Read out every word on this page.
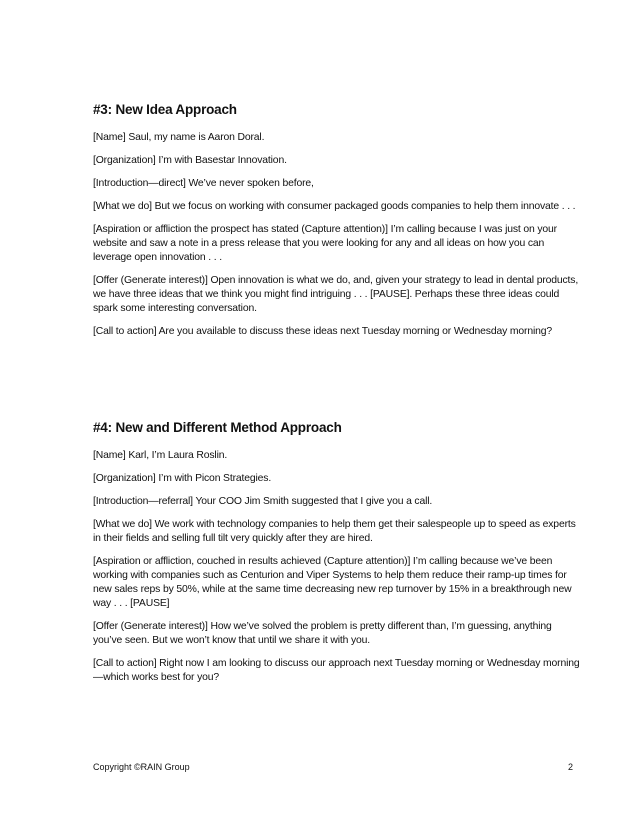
#3: New Idea Approach

[Name] Saul, my name is Aaron Doral.

[Organization] I’m with Basestar Innovation.

[Introduction—direct] We’ve never spoken before,

[What we do] But we focus on working with consumer packaged goods companies to help them innovate . . .

[Aspiration or affliction the prospect has stated (Capture attention)] I’m calling because I was just on your website and saw a note in a press release that you were looking for any and all ideas on how you can leverage open innovation . . .

[Offer (Generate interest)] Open innovation is what we do, and, given your strategy to lead in dental products, we have three ideas that we think you might find intriguing . . . [PAUSE]. Perhaps these three ideas could spark some interesting conversation.

[Call to action] Are you available to discuss these ideas next Tuesday morning or Wednesday morning?

#4: New and Different Method Approach

[Name] Karl, I’m Laura Roslin.

[Organization] I’m with Picon Strategies.

[Introduction—referral] Your COO Jim Smith suggested that I give you a call.

[What we do] We work with technology companies to help them get their salespeople up to speed as experts in their fields and selling full tilt very quickly after they are hired.

[Aspiration or affliction, couched in results achieved (Capture attention)] I’m calling because we’ve been working with companies such as Centurion and Viper Systems to help them reduce their ramp-up times for new sales reps by 50%, while at the same time decreasing new rep turnover by 15% in a breakthrough new way . . . [PAUSE]

[Offer (Generate interest)] How we’ve solved the problem is pretty different than, I’m guessing, anything you’ve seen. But we won’t know that until we share it with you.

[Call to action] Right now I am looking to discuss our approach next Tuesday morning or Wednesday morning—which works best for you?

Copyright ©RAIN Group	2
